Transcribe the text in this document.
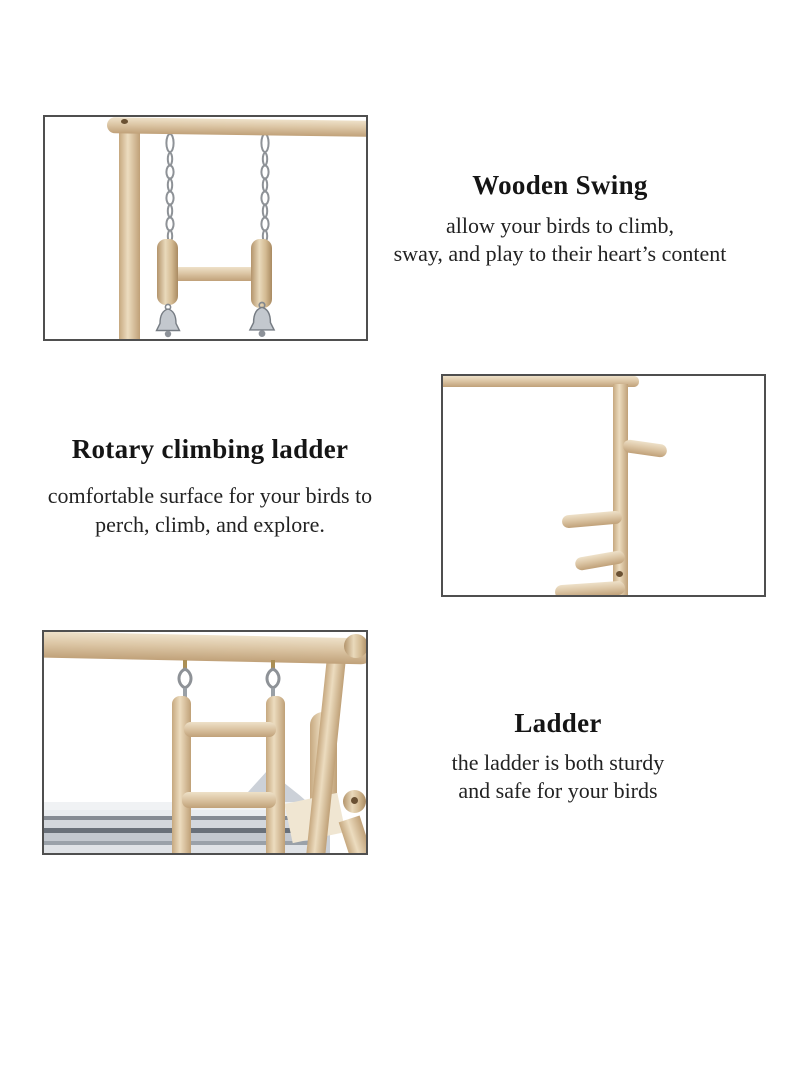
Wooden Swing
allow your birds to climb,
sway, and play to their heart’s content
Rotary climbing ladder
comfortable surface for your birds to
perch, climb, and explore.
Ladder
the ladder is both sturdy
and safe for your birds
